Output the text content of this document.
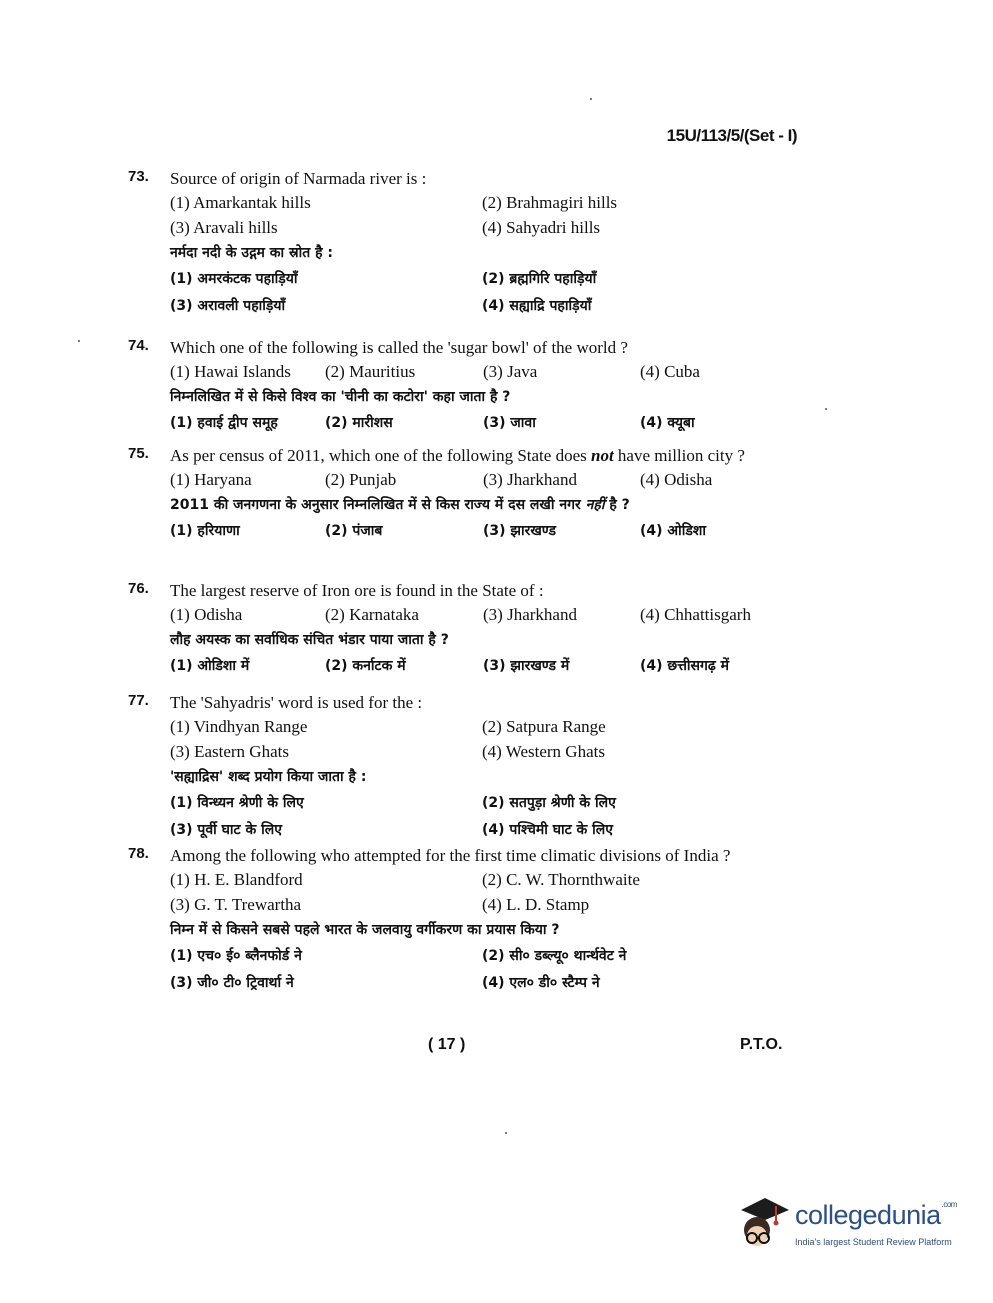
15U/113/5/(Set - I)
73. Source of origin of Narmada river is :
(1) Amarkantak hills	(2) Brahmagiri hills
(3) Aravali hills	(4) Sahyadri hills
नर्मदा नदी के उद्गम का स्रोत है :
(1) अमरकंटक पहाड़ियाँ	(2) ब्रह्मगिरि पहाड़ियाँ
(3) अरावली पहाड़ियाँ	(4) सह्याद्रि पहाड़ियाँ
74. Which one of the following is called the 'sugar bowl' of the world ?
(1) Hawai Islands	(2) Mauritius	(3) Java	(4) Cuba
निम्नलिखित में से किसे विश्व का 'चीनी का कटोरा' कहा जाता है ?
(1) हवाई द्वीप समूह	(2) मारीशस	(3) जावा	(4) क्यूबा
75. As per census of 2011, which one of the following State does not have million city ?
(1) Haryana	(2) Punjab	(3) Jharkhand	(4) Odisha
2011 की जनगणना के अनुसार निम्नलिखित में से किस राज्य में दस लखी नगर नहीं है ?
(1) हरियाणा	(2) पंजाब	(3) झारखण्ड	(4) ओडिशा
76. The largest reserve of Iron ore is found in the State of :
(1) Odisha	(2) Karnataka	(3) Jharkhand	(4) Chhattisgarh
लौह अयस्क का सर्वाधिक संचित भंडार पाया जाता है ?
(1) ओडिशा में	(2) कर्नाटक में	(3) झारखण्ड में	(4) छत्तीसगढ़ में
77. The 'Sahyadris' word is used for the :
(1) Vindhyan Range	(2) Satpura Range
(3) Eastern Ghats	(4) Western Ghats
'सह्याद्रिस' शब्द प्रयोग किया जाता है :
(1) विन्ध्यन श्रेणी के लिए	(2) सतपुड़ा श्रेणी के लिए
(3) पूर्वी घाट के लिए	(4) पश्चिमी घाट के लिए
78. Among the following who attempted for the first time climatic divisions of India ?
(1) H. E. Blandford	(2) C. W. Thornthwaite
(3) G. T. Trewartha	(4) L. D. Stamp
निम्न में से किसने सबसे पहले भारत के जलवायु वर्गीकरण का प्रयास किया ?
(1) एच० ई० ब्लैनफोर्ड ने	(2) सी० डब्ल्यू० थार्न्थवेट ने
(3) जी० टी० ट्रिवार्था ने	(4) एल० डी० स्टैम्प ने
( 17 )	P.T.O.
collegedunia$^{.com}$
India's largest Student Review Platform
